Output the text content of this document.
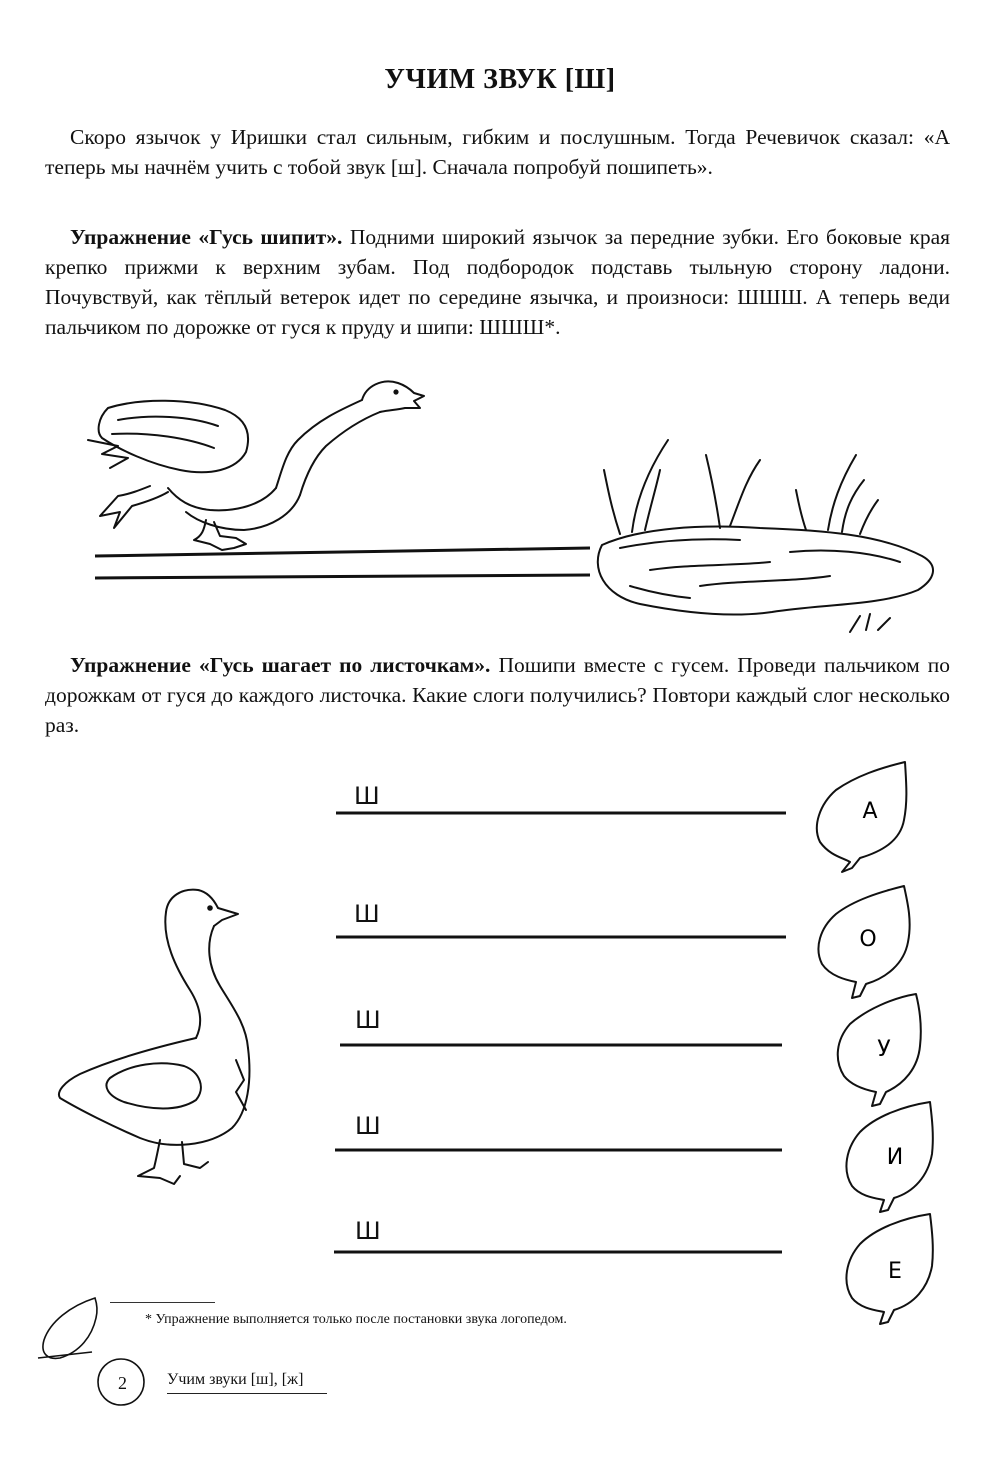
УЧИМ ЗВУК [Ш]

Скоро язычок у Иришки стал сильным, гибким и послушным. Тогда Речевичок сказал: «А теперь мы начнём учить с тобой звук [ш]. Сначала попробуй пошипеть».

Упражнение «Гусь шипит». Подними широкий язычок за передние зубки. Его боковые края крепко прижми к верхним зубам. Под подбородок подставь тыльную сторону ладони. Почувствуй, как тёплый ветерок идет по середине язычка, и произноси: ШШШ. А теперь веди пальчиком по дорожке от гуся к пруду и шипи: ШШШ*.

Упражнение «Гусь шагает по листочкам». Пошипи вместе с гусем. Проведи пальчиком по дорожкам от гуся до каждого листочка. Какие слоги получились? Повтори каждый слог несколько раз.

А
О
У
И
Е
Ш
Ш
Ш
Ш
Ш
* Упражнение выполняется только после постановки звука логопедом.
2	Учим звуки [ш], [ж]
